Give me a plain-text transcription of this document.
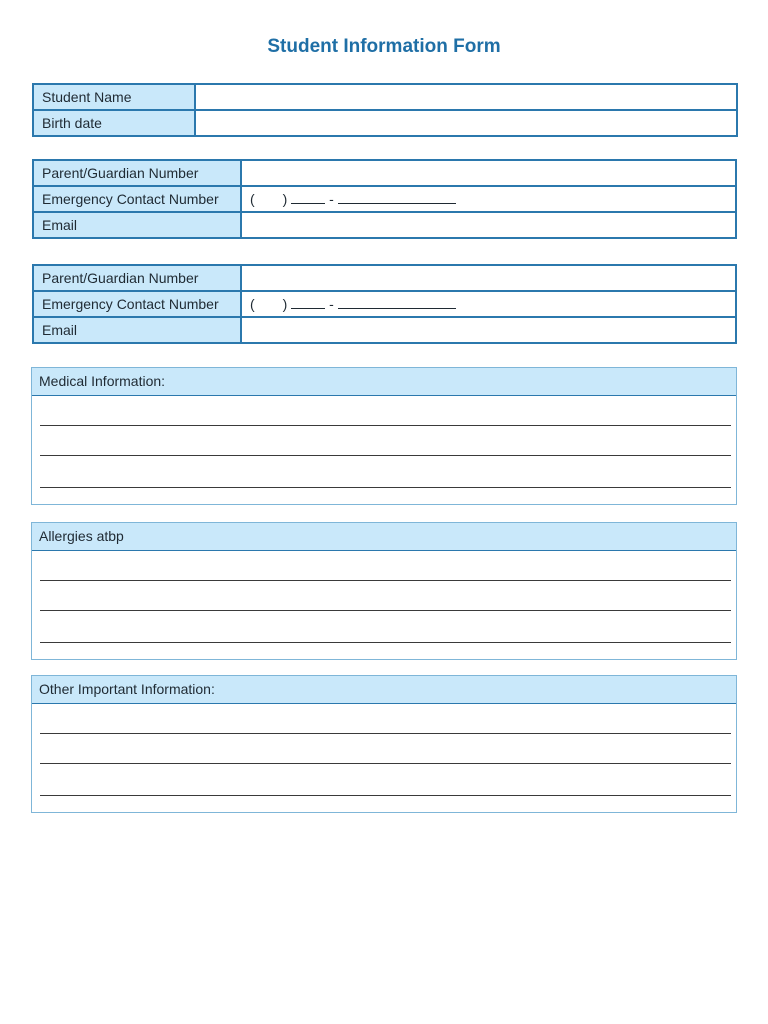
Student Information Form
Student Name	
Birth date	
Parent/Guardian Number	
Emergency Contact Number	( ) -
Email	
Parent/Guardian Number	
Emergency Contact Number	( ) -
Email	
Medical Information:
Allergies atbp
Other Important Information:
